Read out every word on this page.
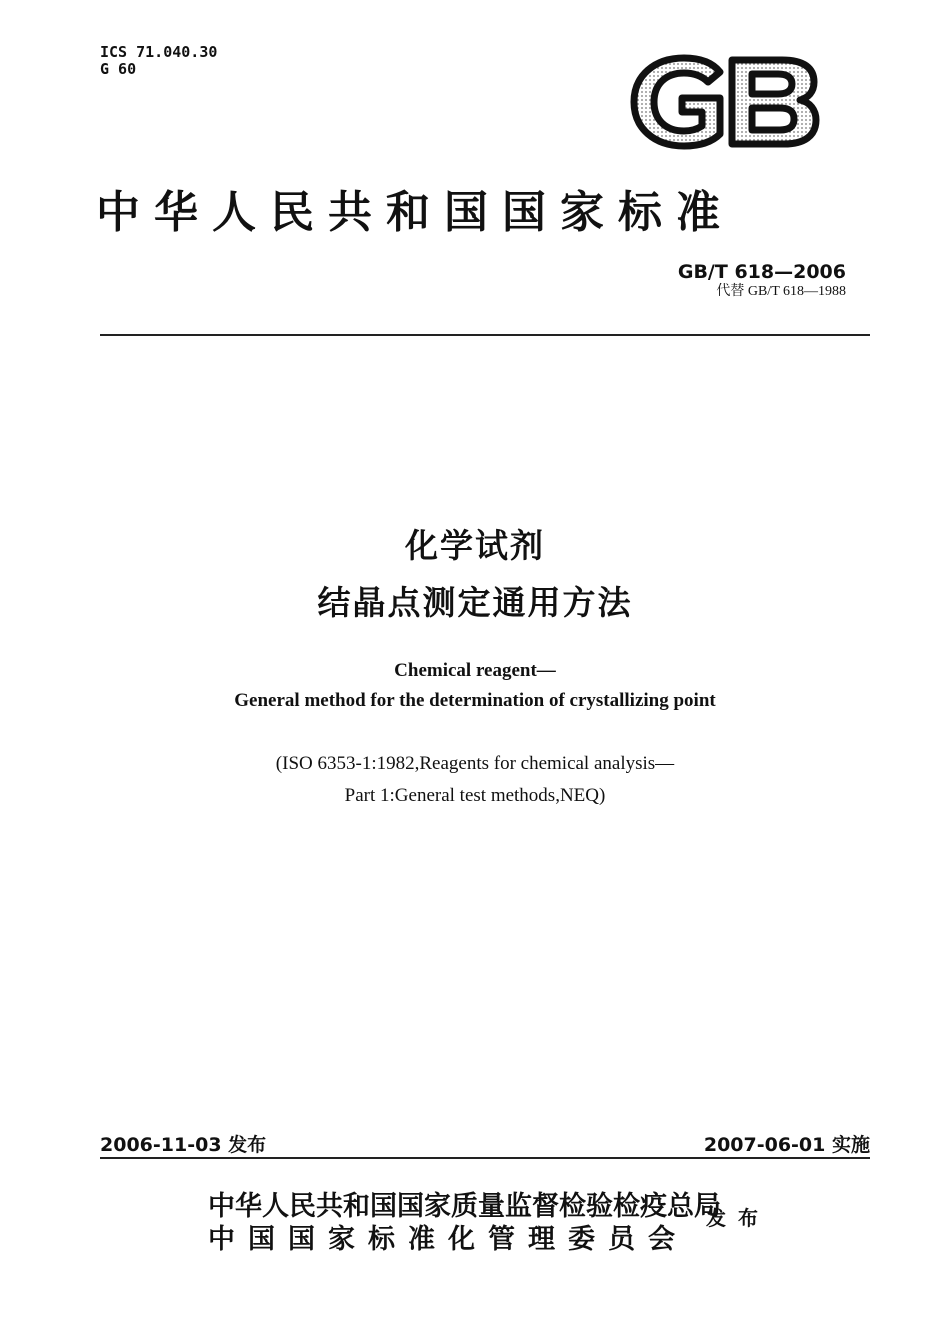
ICS 71.040.30
G 60
中华人民共和国国家标准
GB/T 618—2006
代替 GB/T 618—1988
化学试剂
结晶点测定通用方法
Chemical reagent—
General method for the determination of crystallizing point
(ISO 6353-1:1982,Reagents for chemical analysis—
Part 1:General test methods,NEQ)
2006-11-03 发布	2007-06-01 实施
中华人民共和国国家质量监督检验检疫总局
中国国家标准化管理委员会
发布
